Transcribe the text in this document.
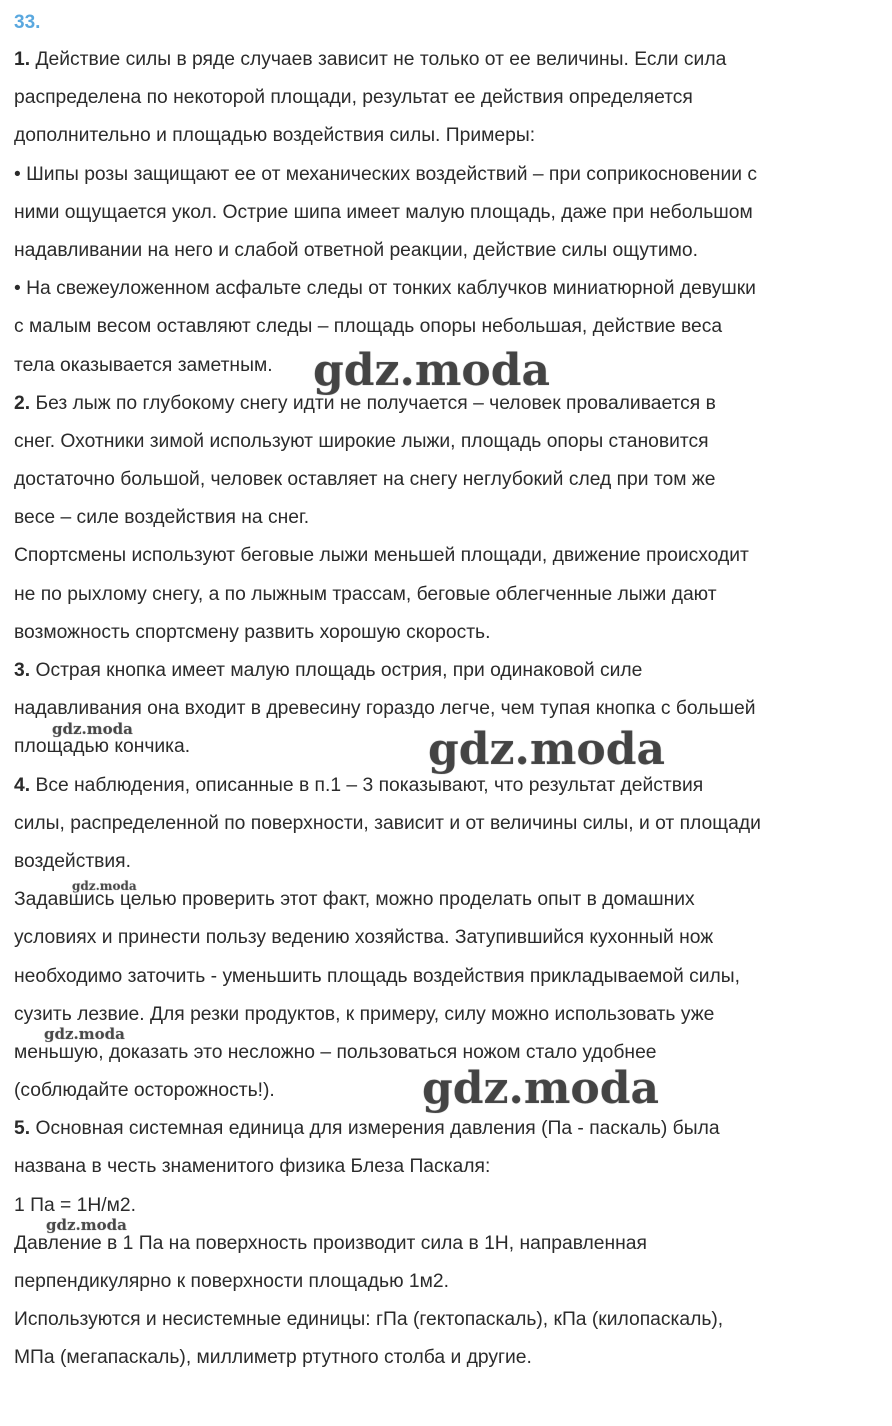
33.
1. Действие силы в ряде случаев зависит не только от ее величины. Если сила
распределена по некоторой площади, результат ее действия определяется
дополнительно и площадью воздействия силы. Примеры:
• Шипы розы защищают ее от механических воздействий – при соприкосновении с
ними ощущается укол. Острие шипа имеет малую площадь, даже при небольшом
надавливании на него и слабой ответной реакции, действие силы ощутимо.
• На свежеуложенном асфальте следы от тонких каблучков миниатюрной девушки
с малым весом оставляют следы – площадь опоры небольшая, действие веса
тела оказывается заметным.
2. Без лыж по глубокому снегу идти не получается – человек проваливается в
снег. Охотники зимой используют широкие лыжи, площадь опоры становится
достаточно большой, человек оставляет на снегу неглубокий след при том же
весе – силе воздействия на снег.
Спортсмены используют беговые лыжи меньшей площади, движение происходит
не по рыхлому снегу, а по лыжным трассам, беговые облегченные лыжи дают
возможность спортсмену развить хорошую скорость.
3. Острая кнопка имеет малую площадь острия, при одинаковой силе
надавливания она входит в древесину гораздо легче, чем тупая кнопка с большей
площадью кончика.
4. Все наблюдения, описанные в п.1 – 3 показывают, что результат действия
силы, распределенной по поверхности, зависит и от величины силы, и от площади
воздействия.
Задавшись целью проверить этот факт, можно проделать опыт в домашних
условиях и принести пользу ведению хозяйства. Затупившийся кухонный нож
необходимо заточить - уменьшить площадь воздействия прикладываемой силы,
сузить лезвие. Для резки продуктов, к примеру, силу можно использовать уже
меньшую, доказать это несложно – пользоваться ножом стало удобнее
(соблюдайте осторожность!).
5. Основная системная единица для измерения давления (Па - паскаль) была
названа в честь знаменитого физика Блеза Паскаля:
1 Па = 1Н/м2.
Давление в 1 Па на поверхность производит сила в 1Н, направленная
перпендикулярно к поверхности площадью 1м2.
Используются и несистемные единицы: гПа (гектопаскаль), кПа (килопаскаль),
МПа (мегапаскаль), миллиметр ртутного столба и другие.
gdz.moda
gdz.moda	gdz.moda
gdz.moda
gdz.moda
gdz.moda
gdz.moda
